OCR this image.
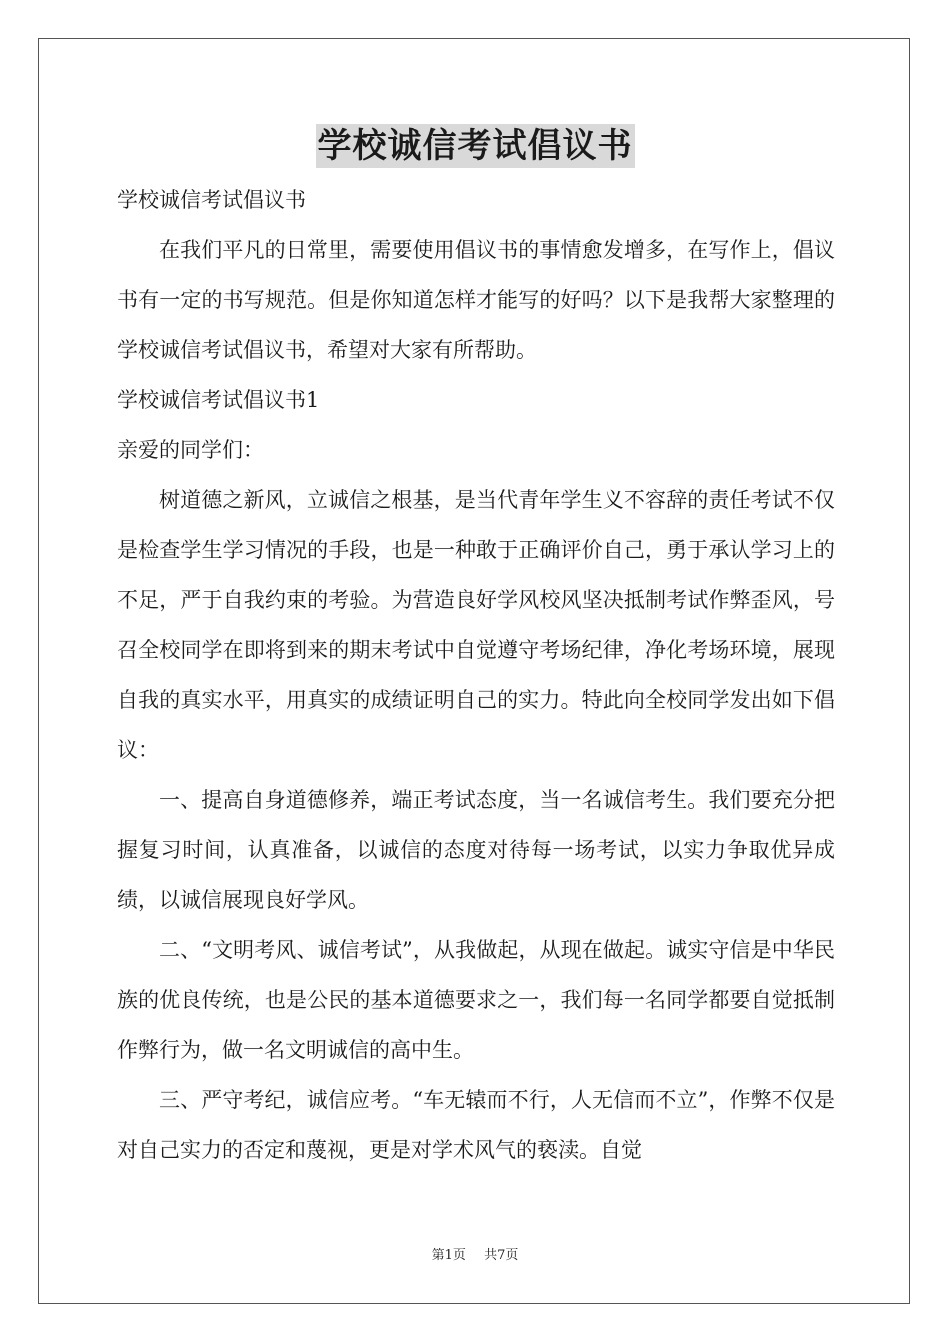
学校诚信考试倡议书

学校诚信考试倡议书

在我们平凡的日常里，需要使用倡议书的事情愈发增多，在写作上，倡议书有一定的书写规范。但是你知道怎样才能写的好吗？以下是我帮大家整理的学校诚信考试倡议书，希望对大家有所帮助。

学校诚信考试倡议书1

亲爱的同学们：

树道德之新风，立诚信之根基，是当代青年学生义不容辞的责任考试不仅是检查学生学习情况的手段，也是一种敢于正确评价自己，勇于承认学习上的不足，严于自我约束的考验。为营造良好学风校风坚决抵制考试作弊歪风，号召全校同学在即将到来的期末考试中自觉遵守考场纪律，净化考场环境，展现自我的真实水平，用真实的成绩证明自己的实力。特此向全校同学发出如下倡议：

一、提高自身道德修养，端正考试态度，当一名诚信考生。我们要充分把握复习时间，认真准备，以诚信的态度对待每一场考试，以实力争取优异成绩，以诚信展现良好学风。

二、“文明考风、诚信考试”，从我做起，从现在做起。诚实守信是中华民族的优良传统，也是公民的基本道德要求之一，我们每一名同学都要自觉抵制作弊行为，做一名文明诚信的高中生。

三、严守考纪，诚信应考。“车无辕而不行，人无信而不立”，作弊不仅是对自己实力的否定和蔑视，更是对学术风气的亵渎。自觉

第1页 共7页
